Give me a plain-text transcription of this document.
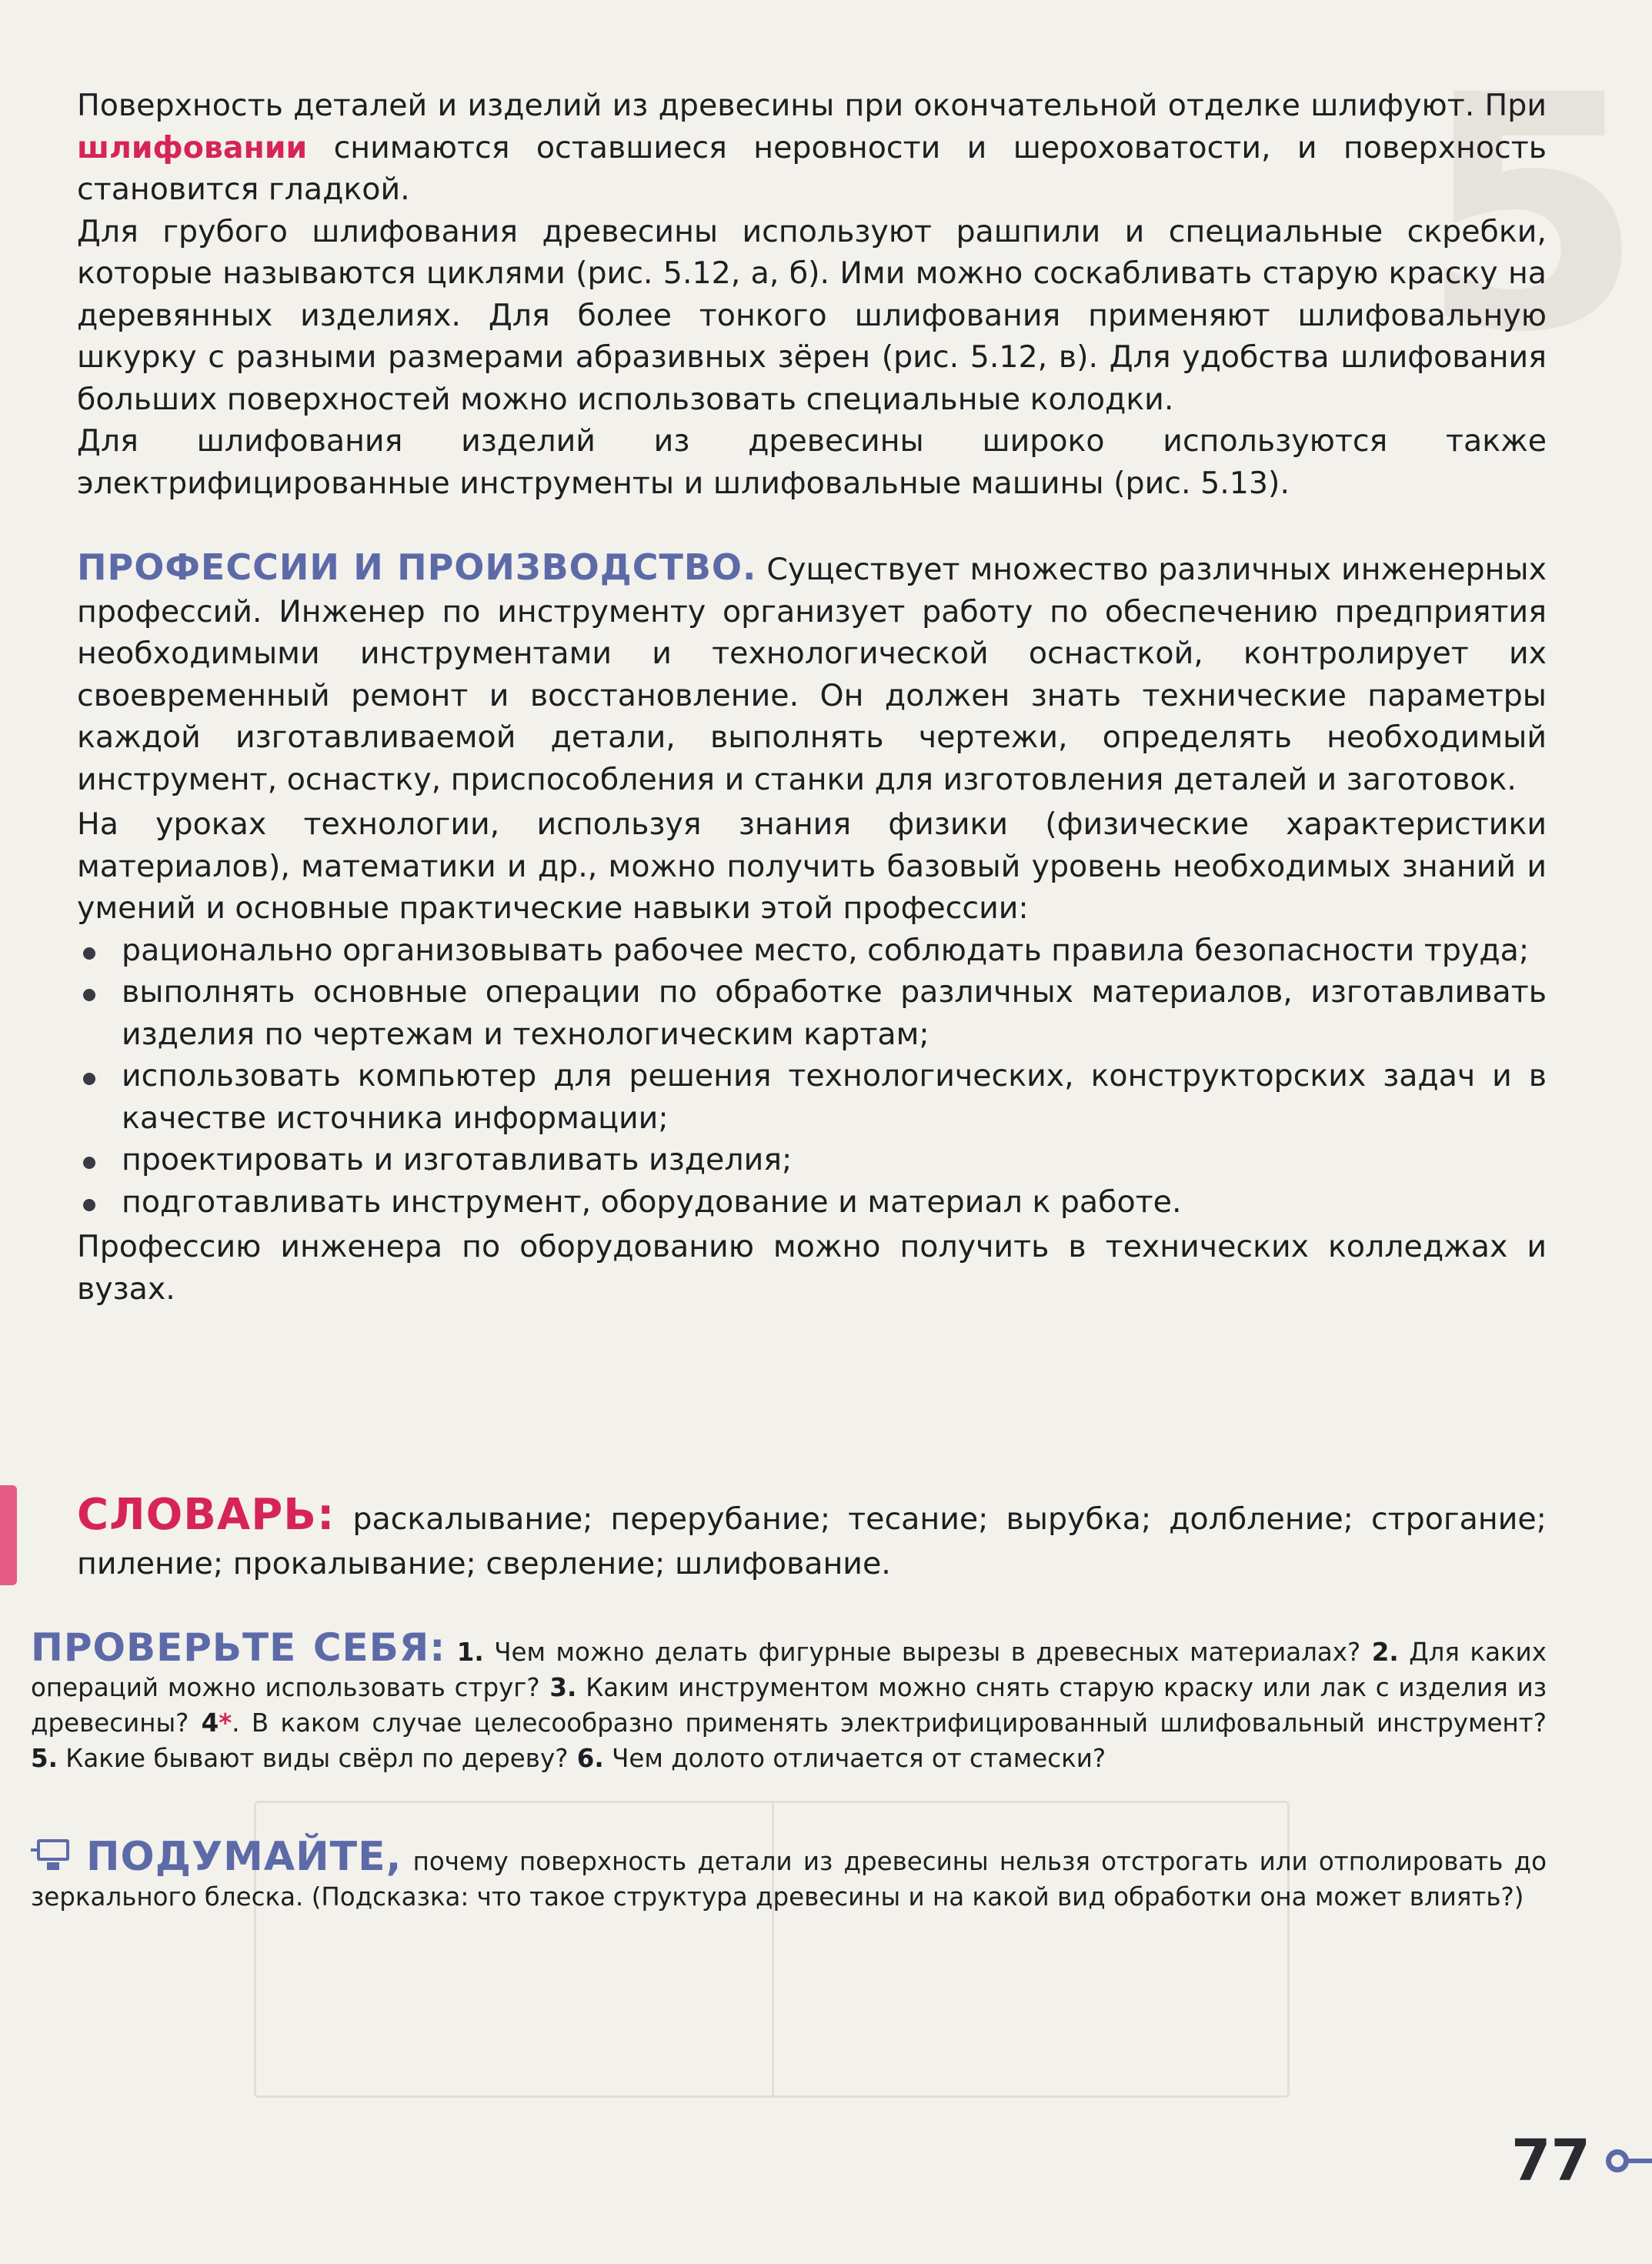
5

Поверхность деталей и изделий из древесины при окончательной отделке шлифуют. При шлифовании снимаются оставшиеся неровности и шероховатости, и поверхность становится гладкой.

Для грубого шлифования древесины используют рашпили и специальные скребки, которые называются циклями (рис. 5.12, а, б). Ими можно соскабливать старую краску на деревянных изделиях. Для более тонкого шлифования применяют шлифовальную шкурку с разными размерами абразивных зёрен (рис. 5.12, в). Для удобства шлифования больших поверхностей можно использовать специальные колодки.

Для шлифования изделий из древесины широко используются также электрифицированные инструменты и шлифовальные машины (рис. 5.13).

ПРОФЕССИИ И ПРОИЗВОДСТВО. Существует множество различных инженерных профессий. Инженер по инструменту организует работу по обеспечению предприятия необходимыми инструментами и технологической оснасткой, контролирует их своевременный ремонт и восстановление. Он должен знать технические параметры каждой изготавливаемой детали, выполнять чертежи, определять необходимый инструмент, оснастку, приспособления и станки для изготовления деталей и заготовок.

На уроках технологии, используя знания физики (физические характеристики материалов), математики и др., можно получить базовый уровень необходимых знаний и умений и основные практические навыки этой профессии:

рационально организовывать рабочее место, соблюдать правила безопасности труда;
выполнять основные операции по обработке различных материалов, изготавливать изделия по чертежам и технологическим картам;
использовать компьютер для решения технологических, конструкторских задач и в качестве источника информации;
проектировать и изготавливать изделия;
подготавливать инструмент, оборудование и материал к работе.

Профессию инженера по оборудованию можно получить в технических колледжах и вузах.

СЛОВАРЬ: раскалывание; перерубание; тесание; вырубка; долбление; строгание; пиление; прокалывание; сверление; шлифование.

ПРОВЕРЬТЕ СЕБЯ: 1. Чем можно делать фигурные вырезы в древесных материалах? 2. Для каких операций можно использовать струг? 3. Каким инструментом можно снять старую краску или лак с изделия из древесины? 4*. В каком случае целесообразно применять электрифицированный шлифовальный инструмент? 5. Какие бывают виды свёрл по дереву? 6. Чем долото отличается от стамески?

ПОДУМАЙТЕ, почему поверхность детали из древесины нельзя отстрогать или отполировать до зеркального блеска. (Подсказка: что такое структура древесины и на какой вид обработки она может влиять?)

77
